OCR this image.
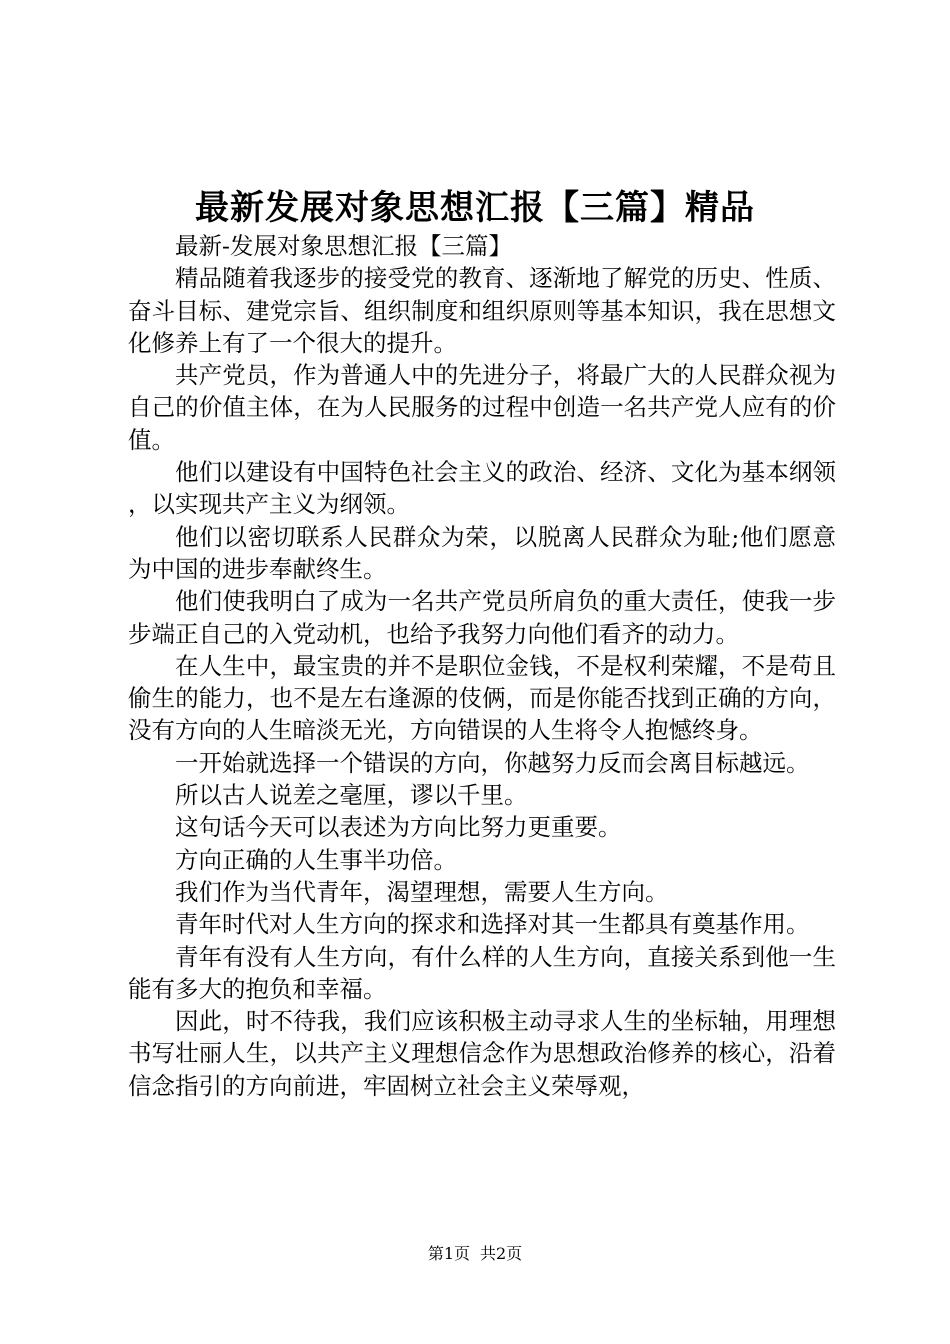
最新发展对象思想汇报【三篇】精品

最新-发展对象思想汇报【三篇】

精品随着我逐步的接受党的教育、逐渐地了解党的历史、性质、奋斗目标、建党宗旨、组织制度和组织原则等基本知识，我在思想文化修养上有了一个很大的提升。

共产党员，作为普通人中的先进分子，将最广大的人民群众视为自己的价值主体，在为人民服务的过程中创造一名共产党人应有的价值。

他们以建设有中国特色社会主义的政治、经济、文化为基本纲领，以实现共产主义为纲领。

他们以密切联系人民群众为荣，以脱离人民群众为耻;他们愿意为中国的进步奉献终生。

他们使我明白了成为一名共产党员所肩负的重大责任，使我一步步端正自己的入党动机，也给予我努力向他们看齐的动力。

在人生中，最宝贵的并不是职位金钱，不是权利荣耀，不是苟且偷生的能力，也不是左右逢源的伎俩，而是你能否找到正确的方向，没有方向的人生暗淡无光，方向错误的人生将令人抱憾终身。

一开始就选择一个错误的方向，你越努力反而会离目标越远。

所以古人说差之毫厘，谬以千里。

这句话今天可以表述为方向比努力更重要。

方向正确的人生事半功倍。

我们作为当代青年，渴望理想，需要人生方向。

青年时代对人生方向的探求和选择对其一生都具有奠基作用。

青年有没有人生方向，有什么样的人生方向，直接关系到他一生能有多大的抱负和幸福。

因此，时不待我，我们应该积极主动寻求人生的坐标轴，用理想书写壮丽人生，以共产主义理想信念作为思想政治修养的核心，沿着信念指引的方向前进，牢固树立社会主义荣辱观，

第1页 共2页
